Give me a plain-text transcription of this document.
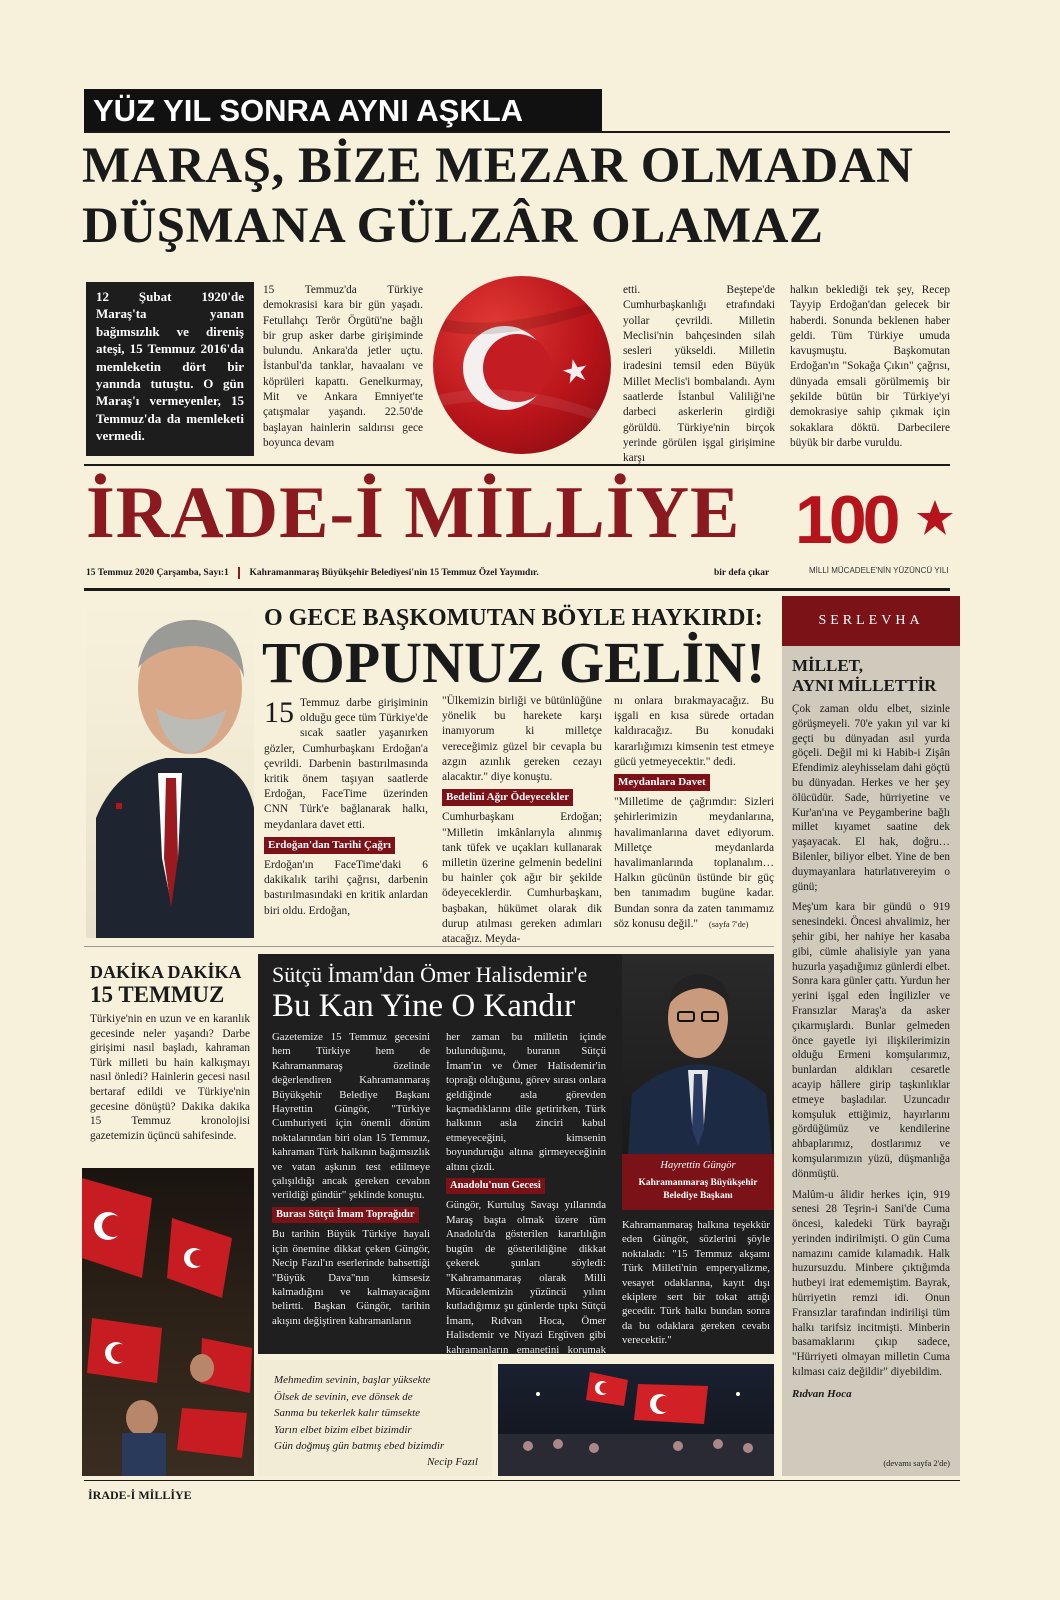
YÜZ YIL SONRA AYNI AŞKLA
MARAŞ, BİZE MEZAR OLMADAN
DÜŞMANA GÜLZÂR OLAMAZ
12 Şubat 1920'de Maraş'ta yanan bağımsızlık ve direniş ateşi, 15 Temmuz 2016'da memleketin dört bir yanında tutuştu. O gün Maraş'ı vermeyenler, 15 Temmuz'da da memleketi vermedi.
15 Temmuz'da Türkiye demokrasisi kara bir gün yaşadı. Fetullahçı Terör Örgütü'ne bağlı bir grup asker darbe girişiminde bulundu. Ankara'da jetler uçtu. İstanbul'da tanklar, havaalanı ve köprüleri kapattı. Genelkurmay, Mit ve Ankara Emniyet'te çatışmalar yaşandı. 22.50'de başlayan hainlerin saldırısı gece boyunca devam
etti. Beştepe'de Cumhurbaşkanlığı etrafındaki yollar çevrildi. Milletin Meclisi'nin bahçesinden silah sesleri yükseldi. Milletin iradesini temsil eden Büyük Millet Meclis'i bombalandı. Aynı saatlerde İstanbul Valiliği'ne darbeci askerlerin girdiği görüldü. Türkiye'nin birçok yerinde görülen işgal girişimine karşı
halkın beklediği tek şey, Recep Tayyip Erdoğan'dan gelecek bir haberdi. Sonunda beklenen haber geldi. Tüm Türkiye umuda kavuşmuştu. Başkomutan Erdoğan'ın "Sokağa Çıkın" çağrısı, dünyada emsali görülmemiş bir şekilde bütün bir Türkiye'yi demokrasiye sahip çıkmak için sokaklara döktü. Darbecilere büyük bir darbe vuruldu.
İRADE-İ MİLLİYE 100
MİLLİ MÜCADELE'NİN YÜZÜNCÜ YILI
15 Temmuz 2020 Çarşamba, Sayı:1 Kahramanmaraş Büyükşehir Belediyesi'nin 15 Temmuz Özel Yayınıdır.	bir defa çıkar
O GECE BAŞKOMUTAN BÖYLE HAYKIRDI:
TOPUNUZ GELİN!
15 Temmuz darbe girişiminin olduğu gece tüm Türkiye'de sıcak saatler yaşanırken gözler, Cumhurbaşkanı Erdoğan'a çevrildi. Darbenin bastırılmasında kritik önem taşıyan saatlerde Erdoğan, FaceTime üzerinden CNN Türk'e bağlanarak halkı, meydanlara davet etti.
Erdoğan'dan Tarihi Çağrı
Erdoğan'ın FaceTime'daki 6 dakikalık tarihi çağrısı, darbenin bastırılmasındaki en kritik anlardan biri oldu. Erdoğan,
"Ülkemizin birliği ve bütünlüğüne yönelik bu harekete karşı inanıyorum ki milletçe vereceğimiz güzel bir cevapla bu azgın azınlık gereken cezayı alacaktır." diye konuştu.
Bedelini Ağır Ödeyecekler
Cumhurbaşkanı Erdoğan; "Milletin imkânlarıyla alınmış tank tüfek ve uçakları kullanarak milletin üzerine gelmenin bedelini bu hainler çok ağır bir şekilde ödeyeceklerdir. Cumhurbaşkanı, başbakan, hükümet olarak dik durup atılması gereken adımları atacağız. Meyda-
nı onlara bırakmayacağız. Bu işgali en kısa sürede ortadan kaldıracağız. Bu konudaki kararlığımızı kimsenin test etmeye gücü yetmeyecektir." dedi.
Meydanlara Davet
"Milletime de çağrımdır: Sizleri şehirlerimizin meydanlarına, havalimanlarına davet ediyorum. Milletçe meydanlarda havalimanlarında toplanalım… Halkın gücünün üstünde bir güç ben tanımadım bugüne kadar. Bundan sonra da zaten tanımamız söz konusu değil." (sayfa 7'de)
SERLEVHA
MİLLET,
AYNI MİLLETTİR

Çok zaman oldu elbet, sizinle görüşmeyeli. 70'e yakın yıl var ki geçti bu dünyadan asıl yurda göçeli. Değil mi ki Habib-i Zişân Efendimiz aleyhisselam dahi göçtü bu dünyadan. Herkes ve her şey ölücüdür. Sade, hürriyetine ve Kur'an'ına ve Peygamberine bağlı millet kıyamet saatine dek yaşayacak. El hak, doğru…Bilenler, biliyor elbet. Yine de ben duymayanlara hatırlatıvereyim o günü;

Meş'um kara bir gündü o 919 senesindeki. Öncesi ahvalimiz, her şehir gibi, her nahiye her kasaba gibi, cümle ahalisiyle yan yana huzurla yaşadığımız günlerdi elbet. Sonra kara günler çattı. Yurdun her yerini işgal eden İngilizler ve Fransızlar Maraş'a da asker çıkarmışlardı. Bunlar gelmeden önce gayetle iyi ilişkilerimizin olduğu Ermeni komşularımız, bunlardan aldıkları cesaretle acayip hâllere girip taşkınlıklar etmeye başladılar. Uzuncadır komşuluk ettiğimiz, hayırlarını gördüğümüz ve kendilerine ahbaplarımız, dostlarımız ve komşularımızın yüzü, düşmanlığa dönmüştü.

Malûm-u âlidir herkes için, 919 senesi 28 Teşrin-i Sani'de Cuma öncesi, kaledeki Türk bayrağı yerinden indirilmişti. O gün Cuma namazını camide kılamadık. Halk huzursuzdu. Minbere çıktığımda hutbeyi irat edememiştim. Bayrak, hürriyetin remzi idi. Onun Fransızlar tarafından indirilişi tüm halkı tarifsiz incitmişti. Minberin basamaklarını çıkıp sadece, "Hürriyeti olmayan milletin Cuma kılması caiz değildir" diyebildim.

Rıdvan Hoca
(devamı sayfa 2'de)
DAKİKA DAKİKA
15 TEMMUZ
Türkiye'nin en uzun ve en karanlık gecesinde neler yaşandı? Darbe girişimi nasıl başladı, kahraman Türk milleti bu hain kalkışmayı nasıl önledi? Hainlerin gecesi nasıl bertaraf edildi ve Türkiye'nin gecesine dönüştü? Dakika dakika 15 Temmuz kronolojisi gazetemizin üçüncü sahifesinde.
Sütçü İmam'dan Ömer Halisdemir'e
Bu Kan Yine O Kandır
Gazetemize 15 Temmuz gecesini hem Türkiye hem de Kahramanmaraş özelinde değerlendiren Kahramanmaraş Büyükşehir Belediye Başkanı Hayrettin Güngör, "Türkiye Cumhuriyeti için önemli dönüm noktalarından biri olan 15 Temmuz, kahraman Türk halkının bağımsızlık ve vatan aşkının test edilmeye çalışıldığı ancak gereken cevabın verildiği gündür" şeklinde konuştu.
Burası Sütçü İmam Toprağıdır
Bu tarihin Büyük Türkiye hayali için önemine dikkat çeken Güngör, Necip Fazıl'ın eserlerinde bahsettiği "Büyük Dava"nın kimsesiz kalmadığını ve kalmayacağını belirtti. Başkan Güngör, tarihin akışını değiştiren kahramanların
her zaman bu milletin içinde bulunduğunu, buranın Sütçü İmam'ın ve Ömer Halisdemir'in toprağı olduğunu, görev sırası onlara geldiğinde asla görevden kaçmadıklarını dile getirirken, Türk halkının asla zinciri kabul etmeyeceğini, kimsenin boyunduruğu altına girmeyeceğinin altını çizdi.
Anadolu'nun Gecesi
Güngör, Kurtuluş Savaşı yıllarında Maraş başta olmak üzere tüm Anadolu'da gösterilen kararlılığın bugün de gösterildiğine dikkat çekerek şunları söyledi: "Kahramanmaraş olarak Milli Mücadelemizin yüzüncü yılını kutladığımız şu günlerde tıpkı Sütçü İmam, Rıdvan Hoca, Ömer Halisdemir ve Niyazi Ergüven gibi kahramanların emanetini korumak
Hayrettin Güngör
Kahramanmaraş Büyükşehir
Belediye Başkanı
Kahramanmaraş halkına teşekkür eden Güngör, sözlerini şöyle noktaladı: "15 Temmuz akşamı Türk Milleti'nin emperyalizme, vesayet odaklarına, kayıt dışı ekiplere sert bir tokat attığı gecedir. Türk halkı bundan sonra da bu odaklara gereken cevabı verecektir."
Mehmedim sevinin, başlar yüksekte
Ölsek de sevinin, eve dönsek de
Sanma bu tekerlek kalır tümsekte
Yarın elbet bizim elbet bizimdir
Gün doğmuş gün batmış ebed bizimdir
Necip Fazıl
İRADE-İ MİLLİYE
